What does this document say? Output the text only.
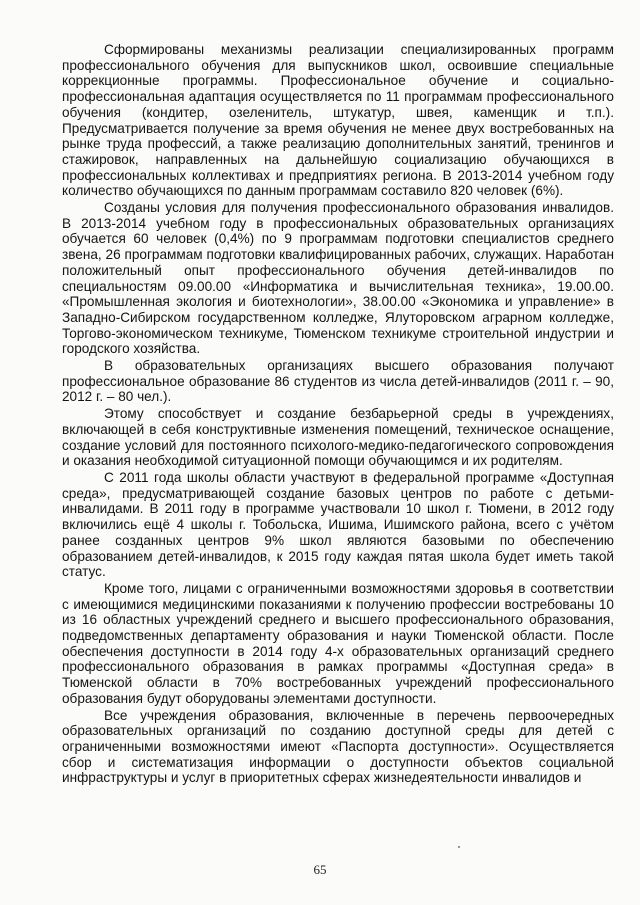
Сформированы механизмы реализации специализированных программ профессионального обучения для выпускников школ, освоившие специальные коррекционные программы. Профессиональное обучение и социально-профессиональная адаптация осуществляется по 11 программам профессионального обучения (кондитер, озеленитель, штукатур, швея, каменщик и т.п.). Предусматривается получение за время обучения не менее двух востребованных на рынке труда профессий, а также реализацию дополнительных занятий, тренингов и стажировок, направленных на дальнейшую социализацию обучающихся в профессиональных коллективах и предприятиях региона. В 2013-2014 учебном году количество обучающихся по данным программам составило 820 человек (6%).

Созданы условия для получения профессионального образования инвалидов. В 2013-2014 учебном году в профессиональных образовательных организациях обучается 60 человек (0,4%) по 9 программам подготовки специалистов среднего звена, 26 программам подготовки квалифицированных рабочих, служащих. Наработан положительный опыт профессионального обучения детей-инвалидов по специальностям 09.00.00 «Информатика и вычислительная техника», 19.00.00. «Промышленная экология и биотехнологии», 38.00.00 «Экономика и управление» в Западно-Сибирском государственном колледже, Ялуторовском аграрном колледже, Торгово-экономическом техникуме, Тюменском техникуме строительной индустрии и городского хозяйства.

В образовательных организациях высшего образования получают профессиональное образование 86 студентов из числа детей-инвалидов (2011 г. – 90, 2012 г. – 80 чел.).

Этому способствует и создание безбарьерной среды в учреждениях, включающей в себя конструктивные изменения помещений, техническое оснащение, создание условий для постоянного психолого-медико-педагогического сопровождения и оказания необходимой ситуационной помощи обучающимся и их родителям.

С 2011 года школы области участвуют в федеральной программе «Доступная среда», предусматривающей создание базовых центров по работе с детьми-инвалидами. В 2011 году в программе участвовали 10 школ г. Тюмени, в 2012 году включились ещё 4 школы г. Тобольска, Ишима, Ишимского района, всего с учётом ранее созданных центров 9% школ являются базовыми по обеспечению образованием детей-инвалидов, к 2015 году каждая пятая школа будет иметь такой статус.

Кроме того, лицами с ограниченными возможностями здоровья в соответствии с имеющимися медицинскими показаниями к получению профессии востребованы 10 из 16 областных учреждений среднего и высшего профессионального образования, подведомственных департаменту образования и науки Тюменской области. После обеспечения доступности в 2014 году 4-х образовательных организаций среднего профессионального образования в рамках программы «Доступная среда» в Тюменской области в 70% востребованных учреждений профессионального образования будут оборудованы элементами доступности.

Все учреждения образования, включенные в перечень первоочередных образовательных организаций по созданию доступной среды для детей с ограниченными возможностями имеют «Паспорта доступности». Осуществляется сбор и систематизация информации о доступности объектов социальной инфраструктуры и услуг в приоритетных сферах жизнедеятельности инвалидов и

65
